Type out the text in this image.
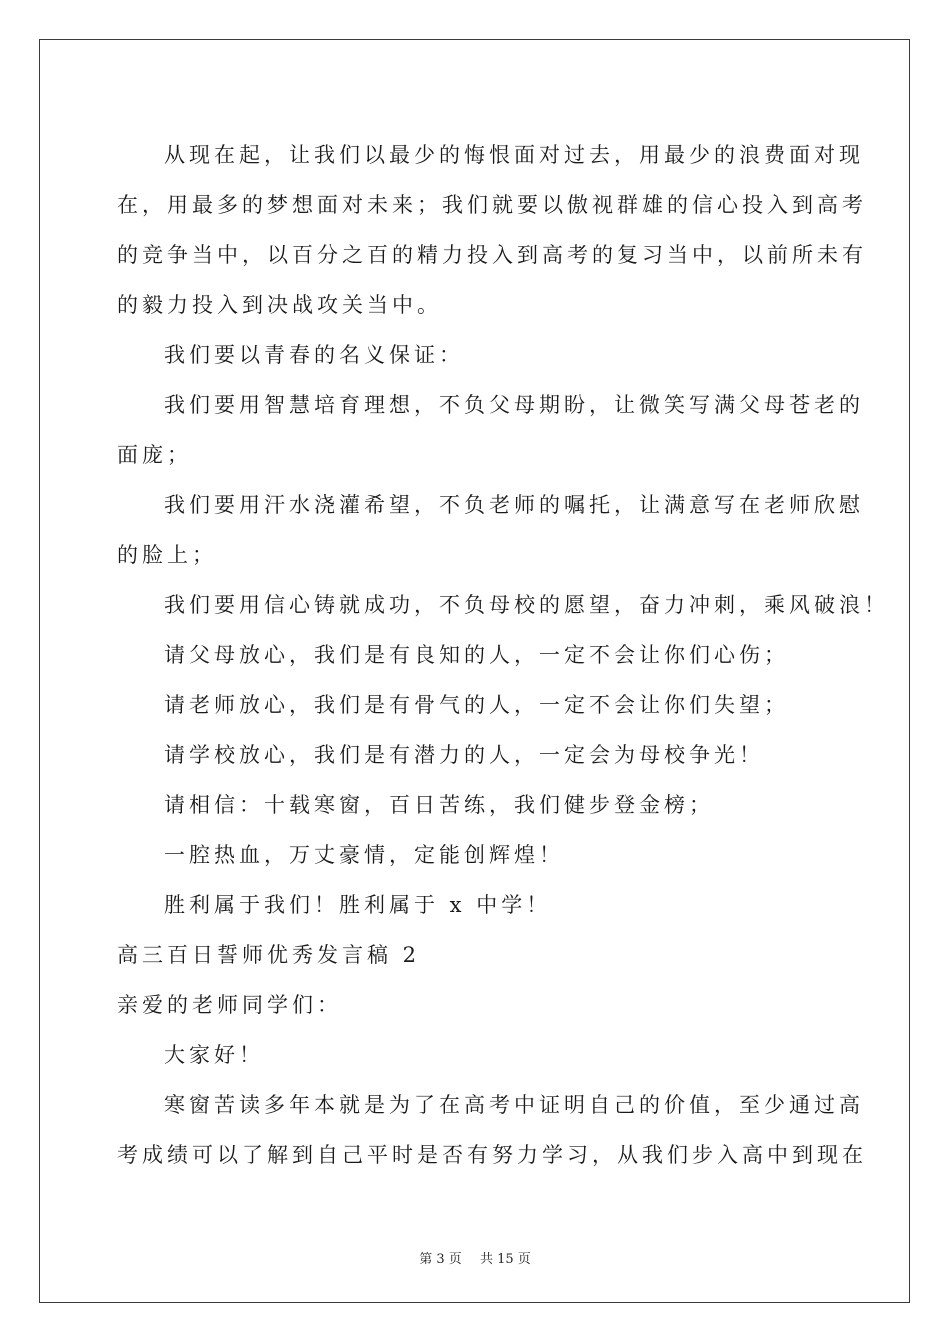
从现在起，让我们以最少的悔恨面对过去，用最少的浪费面对现
在，用最多的梦想面对未来；我们就要以傲视群雄的信心投入到高考
的竞争当中，以百分之百的精力投入到高考的复习当中，以前所未有
的毅力投入到决战攻关当中。
我们要以青春的名义保证：
我们要用智慧培育理想，不负父母期盼，让微笑写满父母苍老的
面庞；
我们要用汗水浇灌希望，不负老师的嘱托，让满意写在老师欣慰
的脸上；
我们要用信心铸就成功，不负母校的愿望，奋力冲刺，乘风破浪！
请父母放心，我们是有良知的人，一定不会让你们心伤；
请老师放心，我们是有骨气的人，一定不会让你们失望；
请学校放心，我们是有潜力的人，一定会为母校争光！
请相信：十载寒窗，百日苦练，我们健步登金榜；
一腔热血，万丈豪情，定能创辉煌！
胜利属于我们！胜利属于 x 中学！
高三百日誓师优秀发言稿 2
亲爱的老师同学们：
大家好！
寒窗苦读多年本就是为了在高考中证明自己的价值，至少通过高
考成绩可以了解到自己平时是否有努力学习，从我们步入高中到现在
第 3 页 共 15 页
